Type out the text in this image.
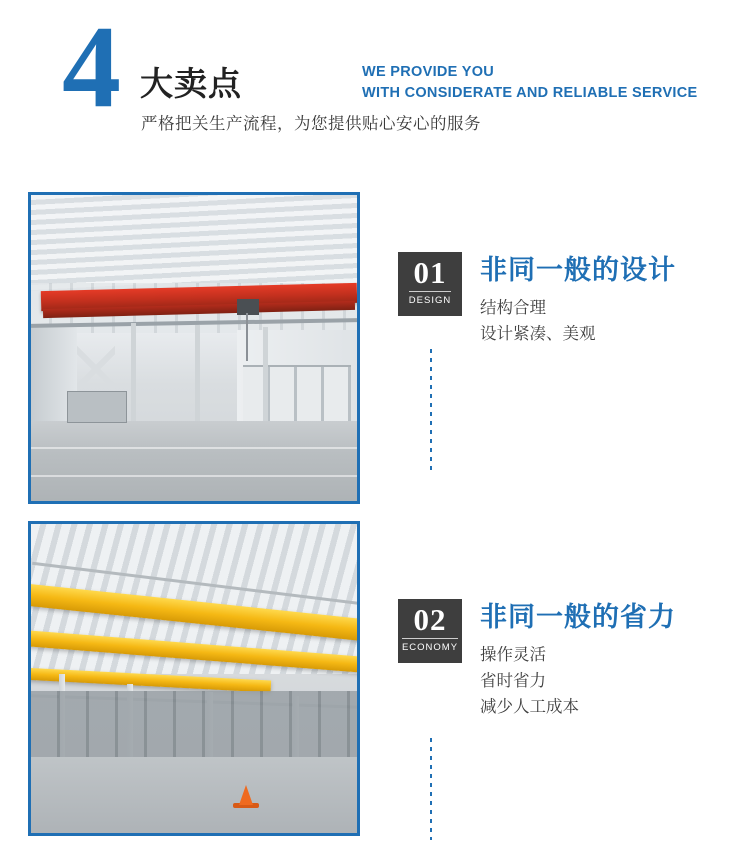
4 大卖点	WE PROVIDE YOU
WITH CONSIDERATE AND RELIABLE SERVICE
严格把关生产流程，为您提供贴心安心的服务
01
DESIGN
非同一般的设计
结构合理
设计紧凑、美观
02
ECONOMY
非同一般的省力
操作灵活
省时省力
减少人工成本
